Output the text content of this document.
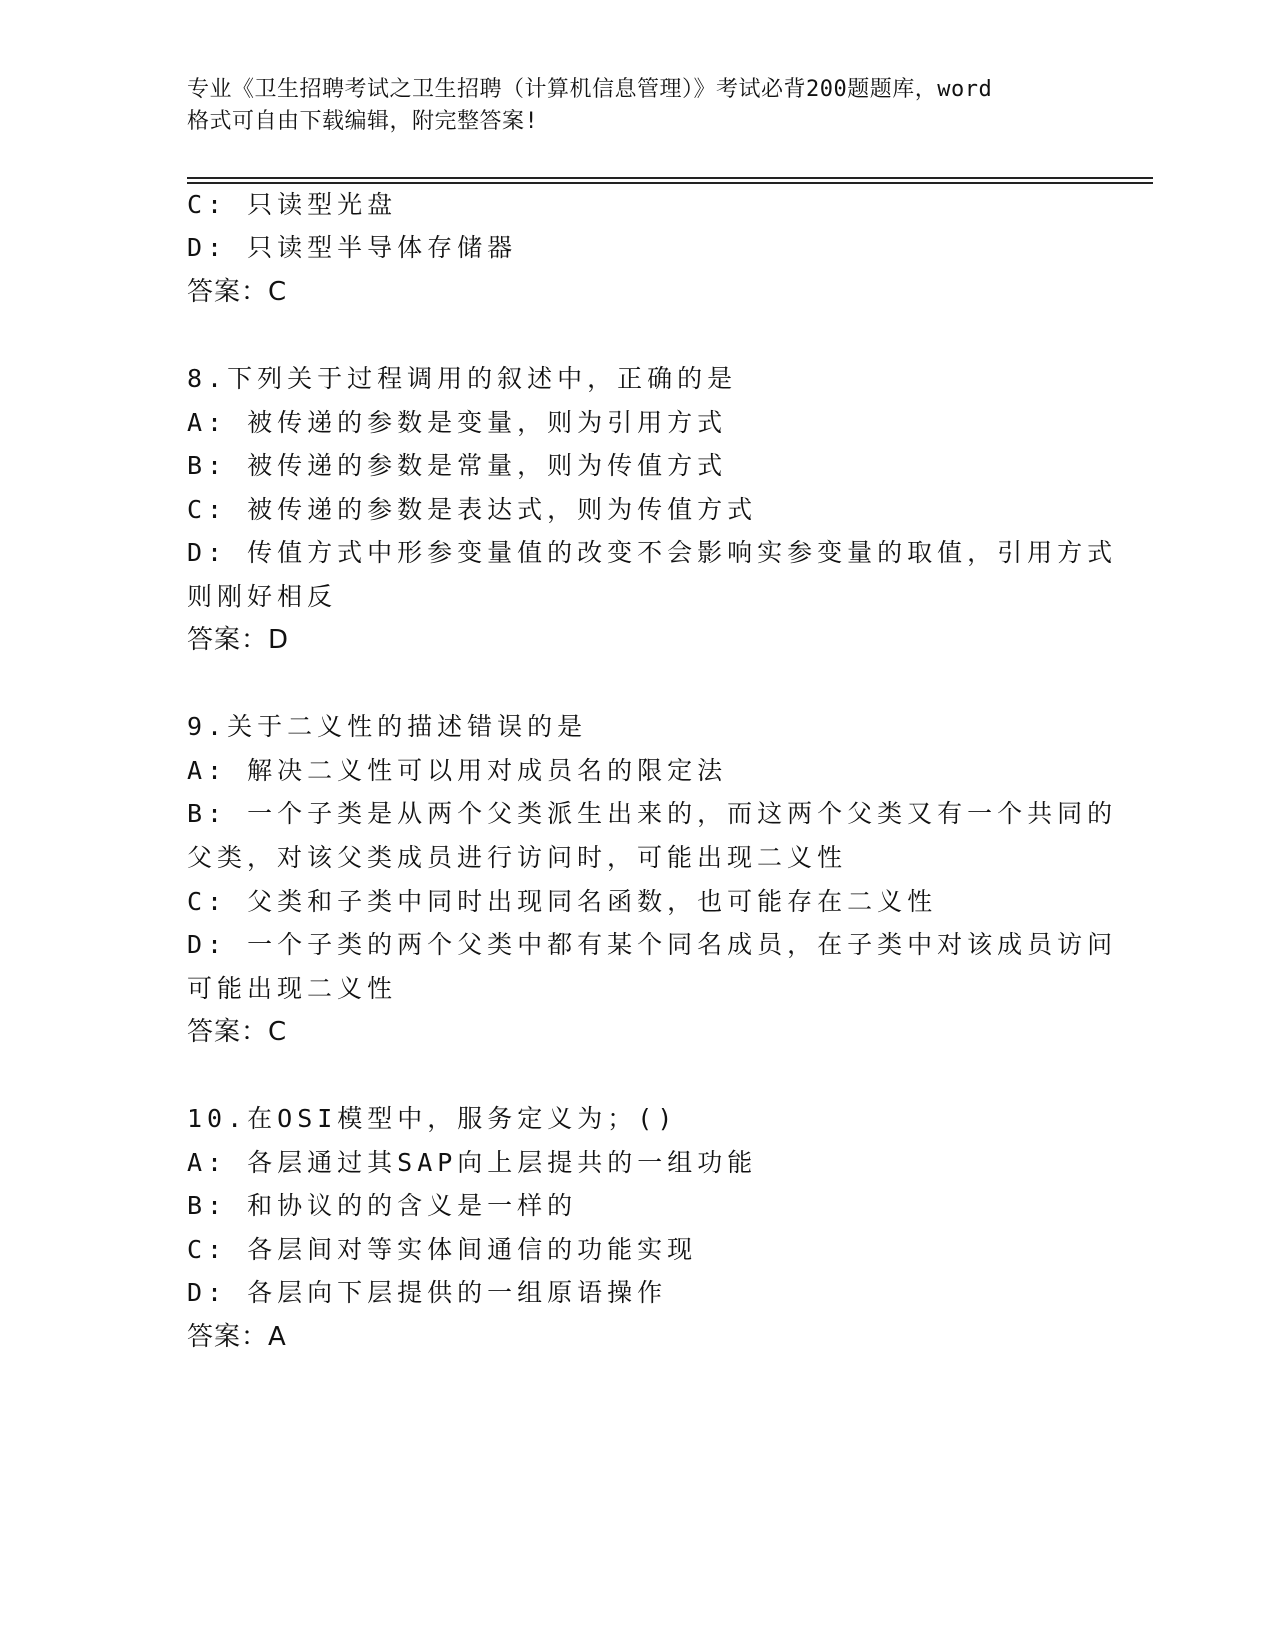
专业《卫生招聘考试之卫生招聘（计算机信息管理）》考试必背200题题库，word
格式可自由下载编辑，附完整答案!
C: 只读型光盘
D: 只读型半导体存储器
答案：C
8.下列关于过程调用的叙述中，正确的是
A: 被传递的参数是变量，则为引用方式
B: 被传递的参数是常量，则为传值方式
C: 被传递的参数是表达式，则为传值方式
D: 传值方式中形参变量值的改变不会影响实参变量的取值，引用方式
则刚好相反
答案：D
9.关于二义性的描述错误的是
A: 解决二义性可以用对成员名的限定法
B: 一个子类是从两个父类派生出来的，而这两个父类又有一个共同的
父类，对该父类成员进行访问时，可能出现二义性
C: 父类和子类中同时出现同名函数，也可能存在二义性
D: 一个子类的两个父类中都有某个同名成员，在子类中对该成员访问
可能出现二义性
答案：C
10.在OSI模型中，服务定义为；()
A: 各层通过其SAP向上层提共的一组功能
B: 和协议的的含义是一样的
C: 各层间对等实体间通信的功能实现
D: 各层向下层提供的一组原语操作
答案：A
